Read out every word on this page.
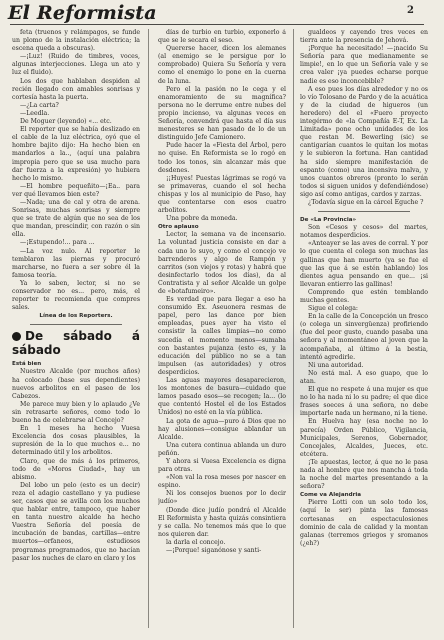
El Reformista	2

feta (truenos y relámpagos, se funde un plomo de la instalación eléctrica; la escena queda a obscuras).

—¡Luz! (Ruido de timbres, voces, algunas interjecciones. Llega un ato y luz el fluido).

Los dos que hablaban despiden al recién llegado con amables sonrisas y cortesía hasta la puerta.

—¿La carta?

—Leedla.

De Moguer (leyendo) «... etc.

El reporter que se había deslizado en el cable de la luz eléctrica, oyó que el hombre bajito dijo: Ha hecho bien en mandarlos a la.., (aquí una palabra impropia pero que se usa mucho para dar fuerza a la expresión) yo hubiera hecho lo mismo.

—El hombre pequeñito—¡Ea.. para ver qué llevamos bien este?

—Nada; una de cal y otra de arena. Sonrisas, muchas sonrisas y siempre que se trate de algún que no sea de los que mandan, prescindir, con razón o sin ella.

—¡Estupendo!... para ...

—La voz nulo. Al reporter le temblaron las piernas y procuró marcharse, no fuera a ser sobre él la famosa teoría.

Ya lo saben, lector, si no se conservador no es... pero, más, el reporter te recomienda que compres sales.

Línea de los Reporters.

De sábado á sábado

Está bien

Nuestro Alcalde (por muchos años) ha colocado (base sus dependientes) nuevos arbolitos en el paseo de los Cabezos.

Me parece muy bien y lo aplaudo ¿Ve sin retrasarte señores, como todo lo bueno ha de celebrarse al Concejo?

En 1 meses ha hecho Vuesa Excelencia dos cosas plausibles, la supresión de la lo que muchos e... no determinado útil y los arbolitos.

Claro, que de más á los primeros, todo de «Moros Ciudad», hay un abismo.

Del lobo un pelo (esto es un decir) reza el adagio castellano y ya pudiese ser, casos que se avilla con los muchos que hablar entre, tampoco, que haber en tanta nuestro alcalde ha hecho Vuestra Señoría del poesía de incubación de bandas, cartillas—entre muertos—orfaneos, estudiosos programas programados, que no hacían pasar los nuches de claro en claro y los

días de turbio en turbio, exponerlo á que se le secara el seso.

Quererse hacer, dicen los alemanes (al enemigo se le persigue por lo comprobado) Quiera Su Señoría y vera como el enemigo lo pone en la cuerna de la luna.

Pero el la pasión no le cega y el enamoramiento de su magnífica? persona no le derrume entre nubes del propio incienso, va algunas veces en Señoría, convendrá que hasta el día sus menesteres se han pasado de lo de un distinguido Jefe Camionero.

Pude hacer la «Fiesta del Árbol, pero no quise. En Reformista se lo rogó en todo los tonos, sin alcanzar más que desdenes.

¡¡Huyes! Puestas lágrimas se rogó va se primaveras, cuando el sol hecha chispas y los al municipio de Paso, hay que contentarse con esos cuatro arbolitos.

Una pobre da moneda.

Otro aplauso

Lector, la semana va de incensario. La voluntad justicia consiste en dar a cada uno lo suyo, y como el concejo ve barrenderos y algo de Rampón y carritos (son viejos y rotas) y habrá que desinfectarlo todos los días), da al Contratista y al señor Alcalde un golpe de «botafumeiro».

Es verdad que para llegar a eso ha consumido Ex. Aseuonera resmas de papel, pero las dance por bien empleadas, pues ayer ha visto el consistir la calles limpias—no como sucedía el momento menos—sumaba con bastantes pujanza (esto es, y la educación del público no se a tan impulsen (as autoridades) y otros desperdicios.

Las aguas mayores desaparecieron, los montones de basura—cuidado que lamos pasado esos—se recogen; la... (lo que contentó Hostel el de los Estados Unidos) no esté en la vía pública.

La gota de agua—puro á Dios que no hay alusiones—consigue ablandar un Alcalde.

Una cutera continua ablanda un duro peñón.

Y ahora si Vuesa Excelencia es digna para otras.

«Non val la rosa meses por nascer en espino.

Ni los consejos buenos por lo decir judío»

(Donde dice judío pondrá el Alcalde El Reformista y hasta quizás consintiera y se calla. No tenemos más que lo que nos quieren dar.

la darla el concejo.

—¡Porque! siganónose y santi-

gualdeos y cayendo tres veces en tierra ante la presencia de Jehová.

¡Porque ha necesitado! —¡nacido Su Señoría para que medianamente se limpie!, en lo que un Señoría vale y se crea valer ¡ya puedes echarse porque nadie es eso inconcebible?

A eso pues los días alrededor y no os lo vío Tolosano de Pardo y de la acuática y de la ciudad de higueros (un heredero) del el «Fuero proyecto integérmo de «la Compañía E-T, Ex. La Limitada» pone ocho unidades de los que restan M. Bewerling (sic) se cantigarían cuantos le quitan los motas y le subieron la fortuna. Han cantidad ha sido siempre manifestación de espanto (como) una incensiva malva, y unos cuantos obreros (pronto lo serán todos si siguen unidos y defendiéndose) sigo así como antigas, cardos y zarzas.

¿Todavía sigue en la cárcel Eguche ?

De «La Provincia»

Son «Cesos y cesos» del martes, notamos desperdicios.

«Anteayer se las aves de corral. Y por lo que cuenta el colega son muchas las gallinas que han muerto (ya se fue el que las que á se estén hablando) los dientes agua pensando en que... ¡si llevaran entierro las gallinas!

Comprendo que estén temblando muchas gentes.

Sigue el colega:

En la calle de la Concepción un fresco (o colega un sinvergüenza) profiriendo (fue del peor gusto, cuando pasaba una señora y al momentáneo al joven que la acompañaba, al último á la bestia, intentó agredirle.

Ni una autoridad.

No está mal. A eso guapo, que lo atan.

El que no respete á una mujer es que no lo ha nada ni lo su padre; el que dice frases soeces á una señora, no debe importarle nada un hermano, ni la tiene.

En Huelva hay (esa noche no lo parecía) Orden Público, Vigilancia, Municipales, Serenos, Gobernador, Concejales, Alcaldes, Jueces, etc. etcétera.

¡Te apuestas, lector, á que no le pasa nada al hombre que nos mancha á toda la noche del martes presentando a la señora?

Come va Alejandria

Pierre Lotti con un solo todo los, (aquí le ser) pinta las famosas cortesanas en espectaculosiones dominio de cala de calidad y la montan galanas (terremos griegos y sromanos (¿eh?)
